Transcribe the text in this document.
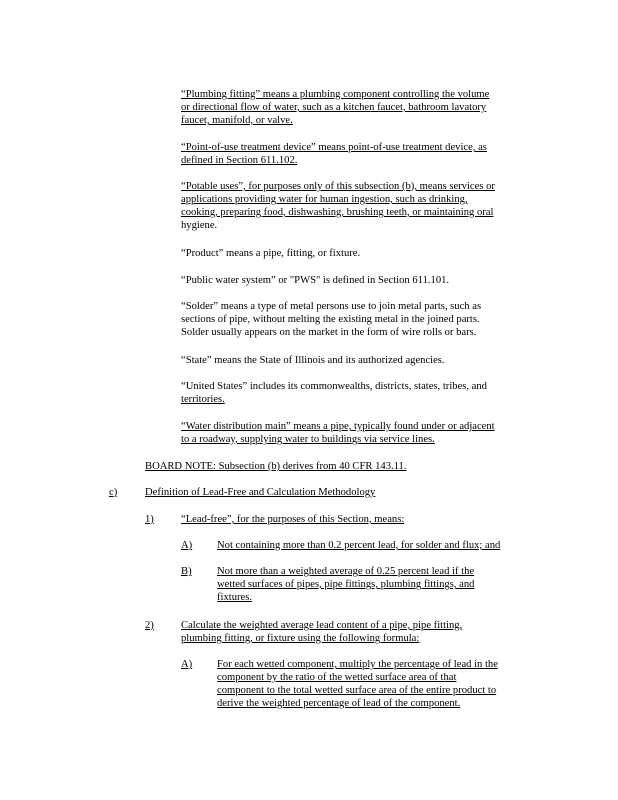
“Plumbing fitting” means a plumbing component controlling the volume
or directional flow of water, such as a kitchen faucet, bathroom lavatory
faucet, manifold, or valve.
“Point-of-use treatment device” means point-of-use treatment device, as
defined in Section 611.102.
“Potable uses”, for purposes only of this subsection (b), means services or
applications providing water for human ingestion, such as drinking,
cooking, preparing food, dishwashing, brushing teeth, or maintaining oral
hygiene.
“Product” means a pipe, fitting, or fixture.
“Public water system” or "PWS" is defined in Section 611.101.
“Solder” means a type of metal persons use to join metal parts, such as
sections of pipe, without melting the existing metal in the joined parts.
Solder usually appears on the market in the form of wire rolls or bars.
“State” means the State of Illinois and its authorized agencies.
“United States” includes its commonwealths, districts, states, tribes, and
territories.
“Water distribution main” means a pipe, typically found under or adjacent
to a roadway, supplying water to buildings via service lines.
BOARD NOTE: Subsection (b) derives from 40 CFR 143.11.
c)	Definition of Lead-Free and Calculation Methodology
1)	“Lead-free”, for the purposes of this Section, means:
A) Not containing more than 0.2 percent lead, for solder and flux; and
B) Not more than a weighted average of 0.25 percent lead if the
wetted surfaces of pipes, pipe fittings, plumbing fittings, and
fixtures.
2)	Calculate the weighted average lead content of a pipe, pipe fitting,
plumbing fitting, or fixture using the following formula:
A) For each wetted component, multiply the percentage of lead in the
component by the ratio of the wetted surface area of that
component to the total wetted surface area of the entire product to
derive the weighted percentage of lead of the component.
